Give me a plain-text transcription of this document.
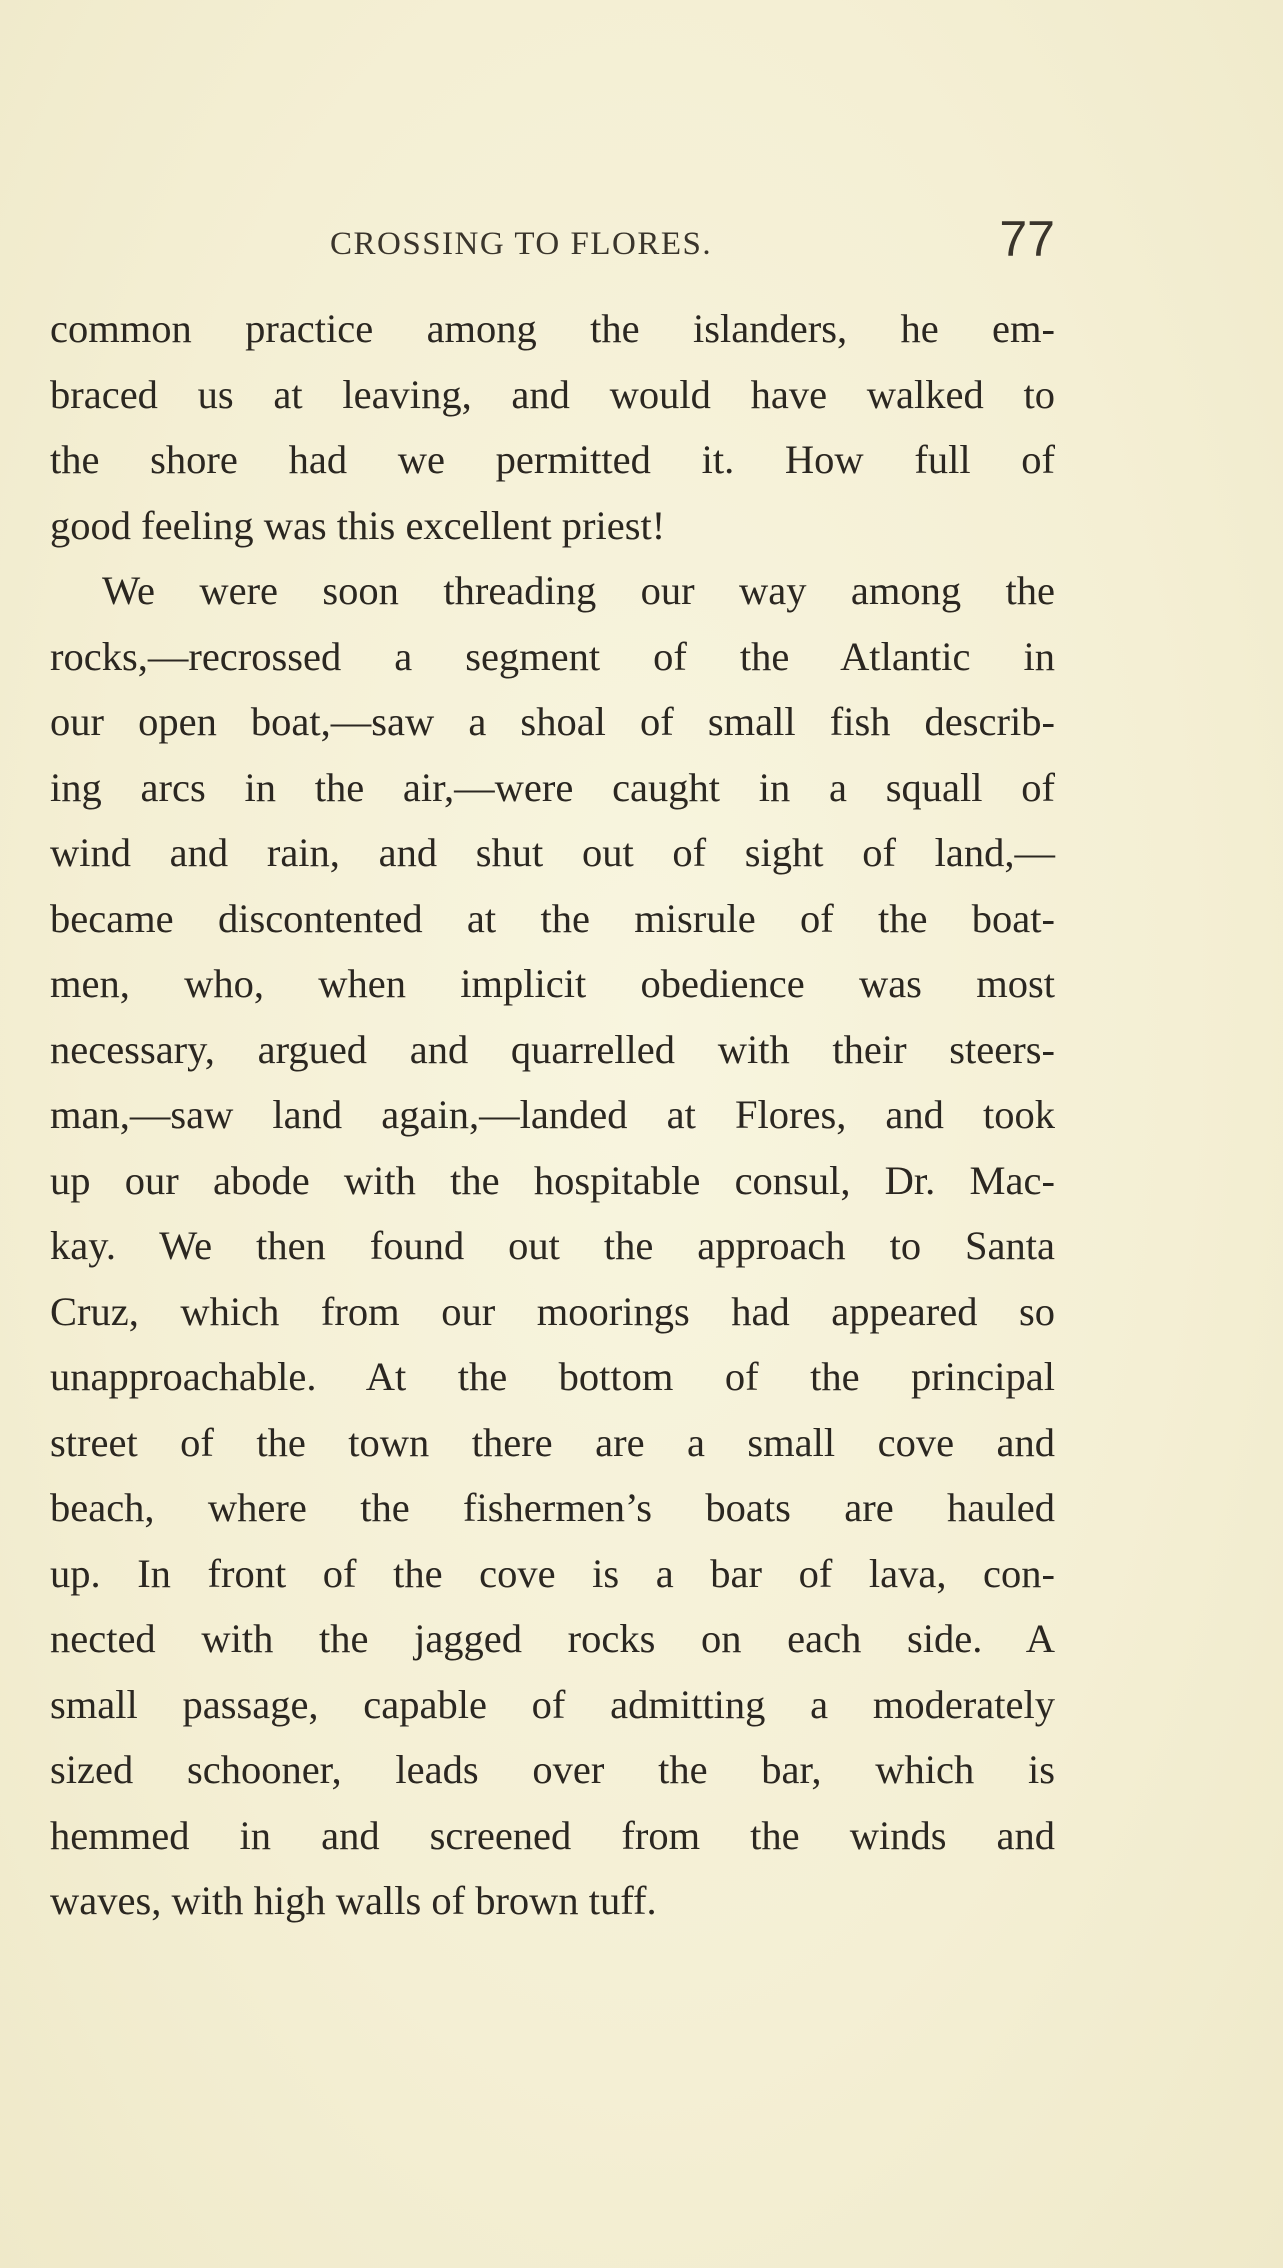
CROSSING TO FLORES.	77
common practice among the islanders, he em-
braced us at leaving, and would have walked to
the shore had we permitted it. How full of
good feeling was this excellent priest!
We were soon threading our way among the
rocks,—recrossed a segment of the Atlantic in
our open boat,—saw a shoal of small fish describ-
ing arcs in the air,—were caught in a squall of
wind and rain, and shut out of sight of land,—
became discontented at the misrule of the boat-
men, who, when implicit obedience was most
necessary, argued and quarrelled with their steers-
man,—saw land again,—landed at Flores, and took
up our abode with the hospitable consul, Dr. Mac-
kay. We then found out the approach to Santa
Cruz, which from our moorings had appeared so
unapproachable. At the bottom of the principal
street of the town there are a small cove and
beach, where the fishermen’s boats are hauled
up. In front of the cove is a bar of lava, con-
nected with the jagged rocks on each side. A
small passage, capable of admitting a moderately
sized schooner, leads over the bar, which is
hemmed in and screened from the winds and
waves, with high walls of brown tuff.
